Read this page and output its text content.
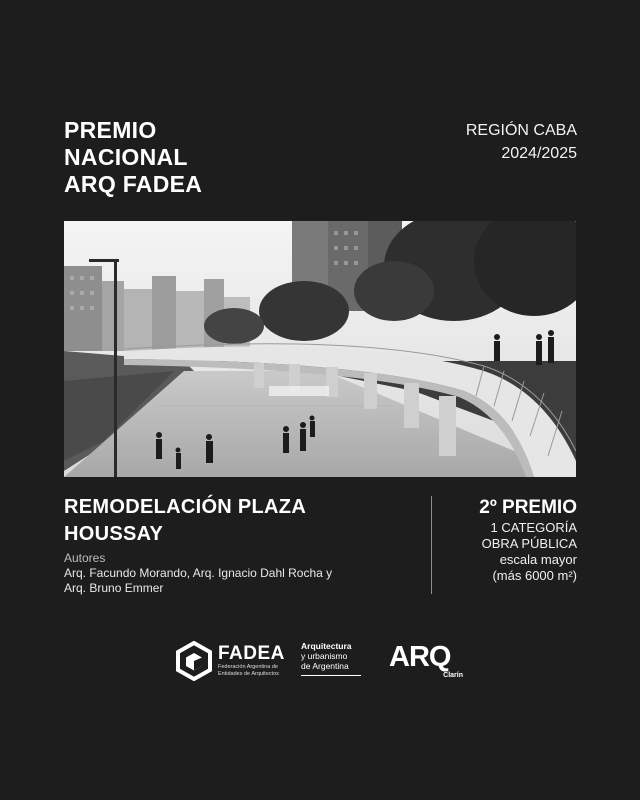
PREMIO
NACIONAL
ARQ FADEA
REGIÓN CABA
2024/2025
REMODELACIÓN PLAZA
HOUSSAY
Autores
Arq. Facundo Morando, Arq. Ignacio Dahl Rocha y
Arq. Bruno Emmer
2º PREMIO
1 CATEGORÍA
OBRA PÚBLICA
escala mayor
(más 6000 m²)
FADEA
Federación Argentina de
Entidades de Arquitectos
Arquitectura
y urbanismo
de Argentina	ARQ
Clarín
